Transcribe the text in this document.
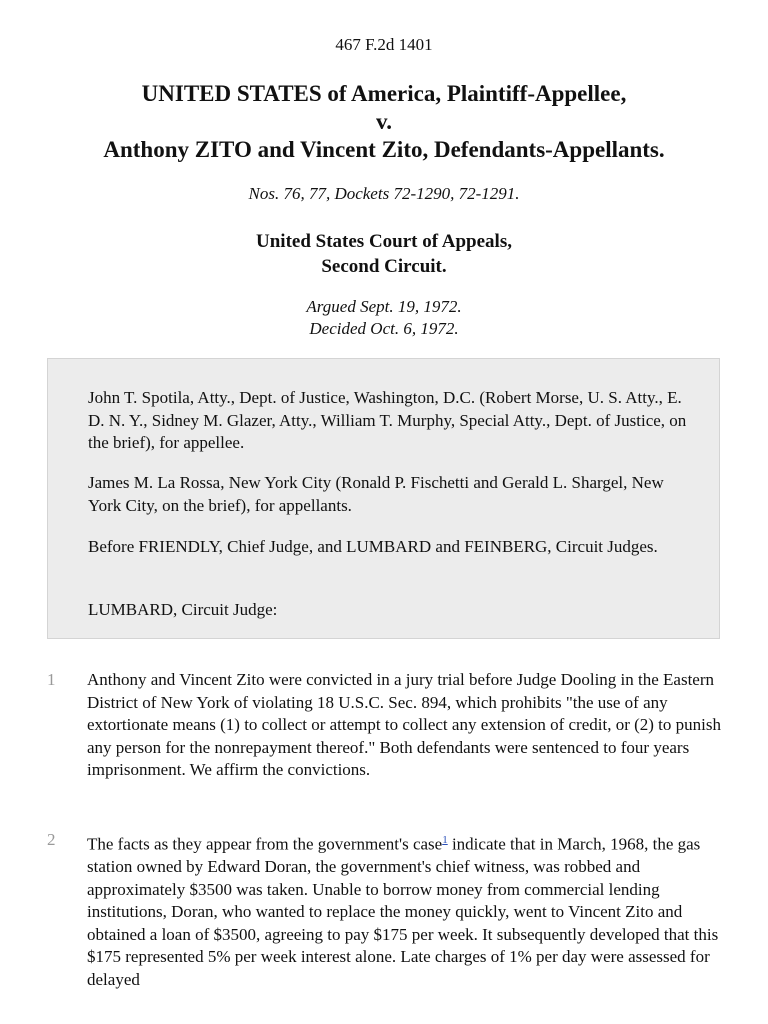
467 F.2d 1401
UNITED STATES of America, Plaintiff-Appellee,
v.
Anthony ZITO and Vincent Zito, Defendants-Appellants.
Nos. 76, 77, Dockets 72-1290, 72-1291.
United States Court of Appeals,
Second Circuit.
Argued Sept. 19, 1972.
Decided Oct. 6, 1972.

John T. Spotila, Atty., Dept. of Justice, Washington, D.C. (Robert Morse, U. S. Atty., E. D. N. Y., Sidney M. Glazer, Atty., William T. Murphy, Special Atty., Dept. of Justice, on the brief), for appellee.

James M. La Rossa, New York City (Ronald P. Fischetti and Gerald L. Shargel, New York City, on the brief), for appellants.

Before FRIENDLY, Chief Judge, and LUMBARD and FEINBERG, Circuit Judges.

LUMBARD, Circuit Judge:

1 Anthony and Vincent Zito were convicted in a jury trial before Judge Dooling in the Eastern District of New York of violating 18 U.S.C. Sec. 894, which prohibits "the use of any extortionate means (1) to collect or attempt to collect any extension of credit, or (2) to punish any person for the nonrepayment thereof." Both defendants were sentenced to four years imprisonment. We affirm the convictions.

2 The facts as they appear from the government's case$^1$ indicate that in March, 1968, the gas station owned by Edward Doran, the government's chief witness, was robbed and approximately $3500 was taken. Unable to borrow money from commercial lending institutions, Doran, who wanted to replace the money quickly, went to Vincent Zito and obtained a loan of $3500, agreeing to pay $175 per week. It subsequently developed that this $175 represented 5% per week interest alone. Late charges of 1% per day were assessed for delayed
